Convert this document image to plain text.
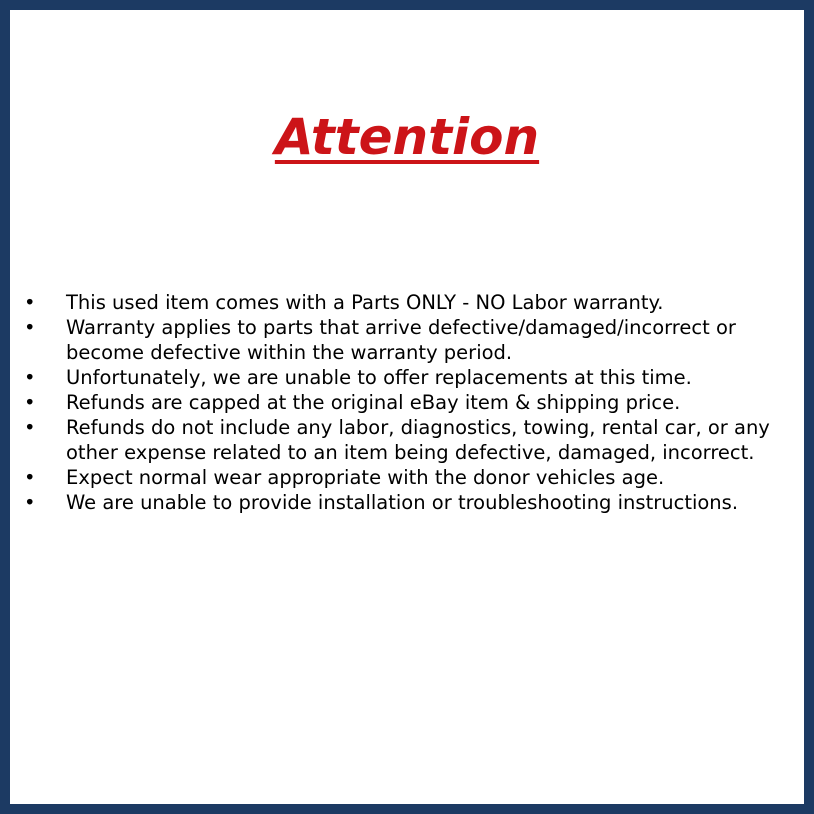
Attention
• This used item comes with a Parts ONLY - NO Labor warranty.
• Warranty applies to parts that arrive defective/damaged/incorrect or become defective within the warranty period.
• Unfortunately, we are unable to offer replacements at this time.
• Refunds are capped at the original eBay item & shipping price.
• Refunds do not include any labor, diagnostics, towing, rental car, or any other expense related to an item being defective, damaged, incorrect.
• Expect normal wear appropriate with the donor vehicles age.
• We are unable to provide installation or troubleshooting instructions.
